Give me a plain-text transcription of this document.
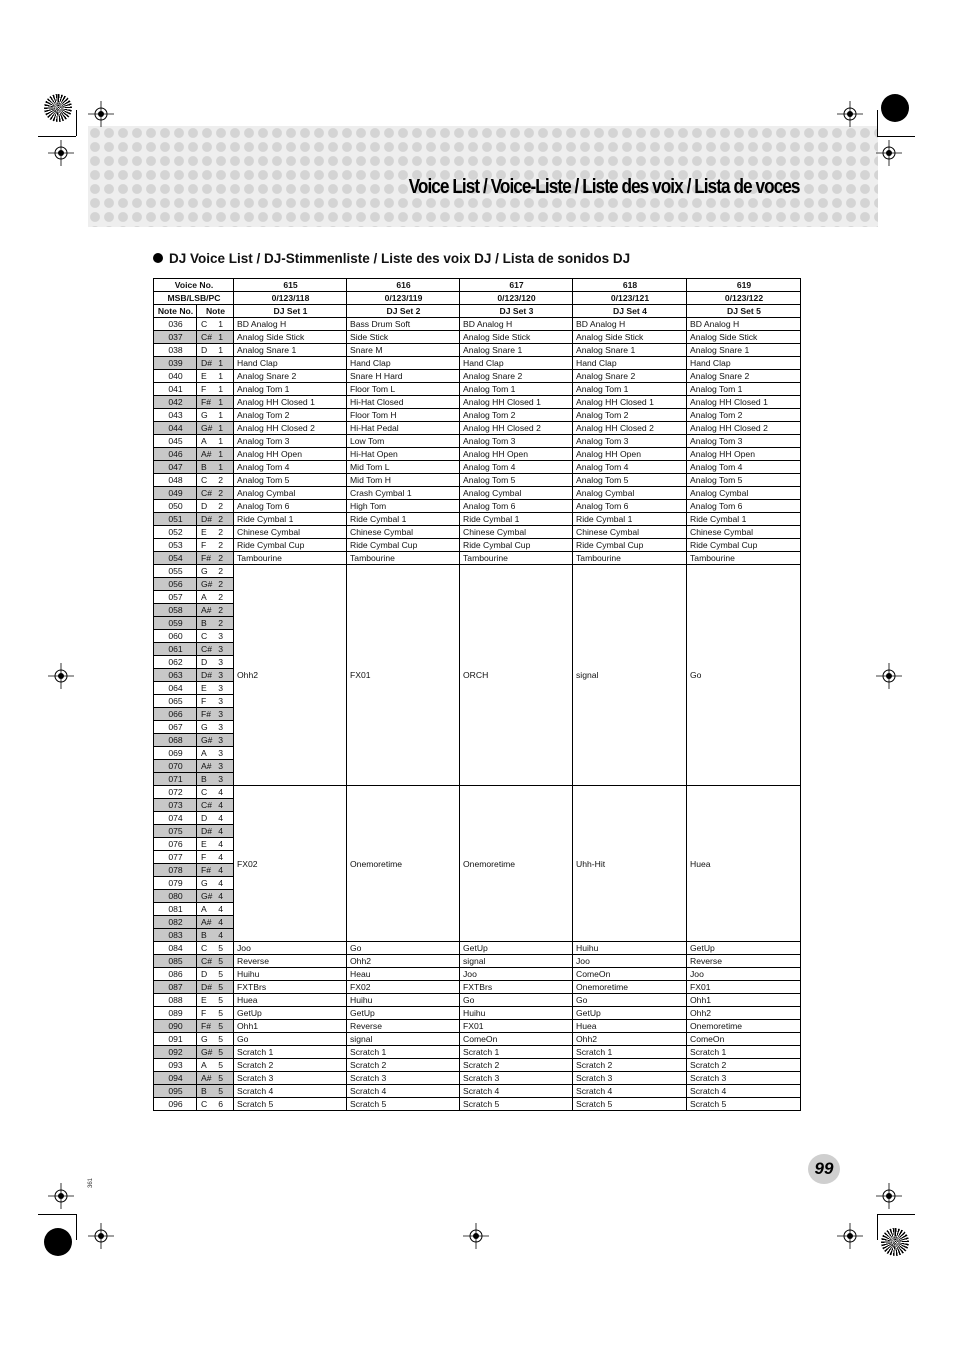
Voice List / Voice-Liste / Liste des voix / Lista de voces
DJ Voice List / DJ-Stimmenliste / Liste des voix DJ / Lista de sonidos DJ
Voice No.		615	616	617	618	619
MSB/LSB/PC		0/123/118	0/123/119	0/123/120	0/123/121	0/123/122
Note No.	Note	DJ Set 1	DJ Set 2	DJ Set 3	DJ Set 4	DJ Set 5
036	C 1	BD Analog H	Bass Drum Soft	BD Analog H	BD Analog H	BD Analog H
037	C# 1	Analog Side Stick	Side Stick	Analog Side Stick	Analog Side Stick	Analog Side Stick
038	D 1	Analog Snare 1	Snare M	Analog Snare 1	Analog Snare 1	Analog Snare 1
039	D# 1	Hand Clap	Hand Clap	Hand Clap	Hand Clap	Hand Clap
040	E 1	Analog Snare 2	Snare H Hard	Analog Snare 2	Analog Snare 2	Analog Snare 2
041	F 1	Analog Tom 1	Floor Tom L	Analog Tom 1	Analog Tom 1	Analog Tom 1
042	F# 1	Analog HH Closed 1	Hi-Hat Closed	Analog HH Closed 1	Analog HH Closed 1	Analog HH Closed 1
043	G 1	Analog Tom 2	Floor Tom H	Analog Tom 2	Analog Tom 2	Analog Tom 2
044	G# 1	Analog HH Closed 2	Hi-Hat Pedal	Analog HH Closed 2	Analog HH Closed 2	Analog HH Closed 2
045	A 1	Analog Tom 3	Low Tom	Analog Tom 3	Analog Tom 3	Analog Tom 3
046	A# 1	Analog HH Open	Hi-Hat Open	Analog HH Open	Analog HH Open	Analog HH Open
047	B 1	Analog Tom 4	Mid Tom L	Analog Tom 4	Analog Tom 4	Analog Tom 4
048	C 2	Analog Tom 5	Mid Tom H	Analog Tom 5	Analog Tom 5	Analog Tom 5
049	C# 2	Analog Cymbal	Crash Cymbal 1	Analog Cymbal	Analog Cymbal	Analog Cymbal
050	D 2	Analog Tom 6	High Tom	Analog Tom 6	Analog Tom 6	Analog Tom 6
051	D# 2	Ride Cymbal 1	Ride Cymbal 1	Ride Cymbal 1	Ride Cymbal 1	Ride Cymbal 1
052	E 2	Chinese Cymbal	Chinese Cymbal	Chinese Cymbal	Chinese Cymbal	Chinese Cymbal
053	F 2	Ride Cymbal Cup	Ride Cymbal Cup	Ride Cymbal Cup	Ride Cymbal Cup	Ride Cymbal Cup
054	F# 2	Tambourine	Tambourine	Tambourine	Tambourine	Tambourine
055	G 2	Ohh2	FX01	ORCH	signal	Go
056	G# 2					

057	A 2					

058	A# 2					

059	B 2					

060	C 3					

061	C# 3					

062	D 3					

063	D# 3					

064	E 3					

065	F 3					

066	F# 3					

067	G 3					

068	G# 3					

069	A 3					

070	A# 3					

071	B 3					

072	C 4	FX02	Onemoretime	Onemoretime	Uhh-Hit	Huea
073	C# 4					

074	D 4					

075	D# 4					

076	E 4					

077	F 4					

078	F# 4					

079	G 4					

080	G# 4					

081	A 4					

082	A# 4					

083	B 4					

084	C 5	Joo	Go	GetUp	Huihu	GetUp
085	C# 5	Reverse	Ohh2	signal	Joo	Reverse
086	D 5	Huihu	Heau	Joo	ComeOn	Joo
087	D# 5	FXTBrs	FX02	FXTBrs	Onemoretime	FX01
088	E 5	Huea	Huihu	Go	Go	Ohh1
089	F 5	GetUp	GetUp	Huihu	GetUp	Ohh2
090	F# 5	Ohh1	Reverse	FX01	Huea	Onemoretime
091	G 5	Go	signal	ComeOn	Ohh2	ComeOn
092	G# 5	Scratch 1	Scratch 1	Scratch 1	Scratch 1	Scratch 1
093	A 5	Scratch 2	Scratch 2	Scratch 2	Scratch 2	Scratch 2
094	A# 5	Scratch 3	Scratch 3	Scratch 3	Scratch 3	Scratch 3
095	B 5	Scratch 4	Scratch 4	Scratch 4	Scratch 4	Scratch 4
096	C 6	Scratch 5	Scratch 5	Scratch 5	Scratch 5	Scratch 5
99
361
